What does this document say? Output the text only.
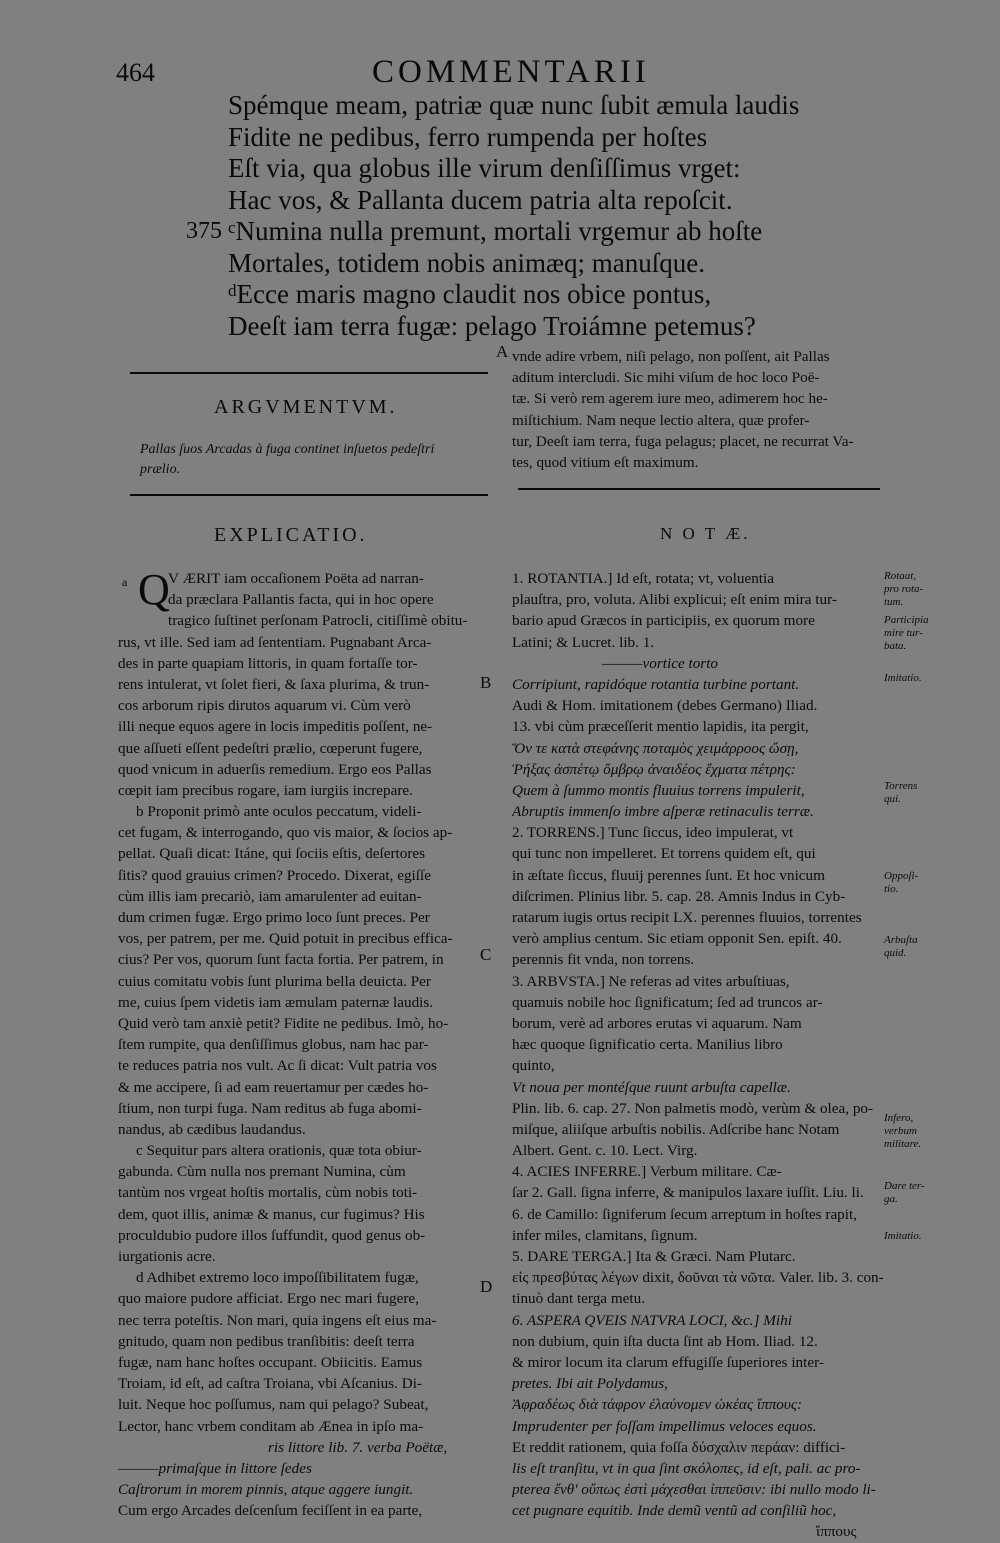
464	COMMENTARII
Spémque meam, patriæ quæ nunc ſubit æmula laudis
Fidite ne pedibus, ferro rumpenda per hoſtes
Eſt via, qua globus ille virum denſiſſimus vrget:
Hac vos, & Pallanta ducem patria alta repoſcit.
375 $^c$Numina nulla premunt, mortali vrgemur ab hoſte
Mortales, totidem nobis animæq; manuſque.
$^d$Ecce maris magno claudit nos obice pontus,
Deeſt iam terra fugæ: pelago Troiámne petemus?
ARGVMENTVM.
Pallas ſuos Arcadas à fuga continet inſuetos pedeſtri
prælio.
EXPLICATIO.
V ÆRIT iam occaſionem Poëta ad narran-
da præclara Pallantis facta, qui in hoc opere
tragico ſuſtinet perſonam Patrocli, citiſſimè obitu-
rus, vt ille. Sed iam ad ſententiam. Pugnabant Arca-
des in parte quapiam littoris, in quam fortaſſe tor-
rens intulerat, vt ſolet fieri, & ſaxa plurima, & trun-
cos arborum ripis dirutos aquarum vi. Cùm verò
illi neque equos agere in locis impeditis poſſent, ne-
que aſſueti eſſent pedeſtri prælio, cœperunt fugere,
quod vnicum in aduerſis remedium. Ergo eos Pallas
cœpit iam precibus rogare, iam iurgiis increpare.
b Proponit primò ante oculos peccatum, videli-
cet fugam, & interrogando, quo vis maior, & ſocios ap-
pellat. Quaſi dicat: Itáne, qui ſociis eſtis, deſertores
ſitis? quod grauius crimen? Procedo. Dixerat, egiſſe
cùm illis iam precariò, iam amarulenter ad euitan-
dum crimen fugæ. Ergo primo loco ſunt preces. Per
vos, per patrem, per me. Quid potuit in precibus effica-
cius? Per vos, quorum ſunt facta fortia. Per patrem, in
cuius comitatu vobis ſunt plurima bella deuicta. Per
me, cuius ſpem videtis iam æmulam paternæ laudis.
Quid verò tam anxiè petit? Fidite ne pedibus. Imò, ho-
ſtem rumpite, qua denſiſſimus globus, nam hac par-
te reduces patria nos vult. Ac ſi dicat: Vult patria vos
& me accipere, ſi ad eam reuertamur per cædes ho-
ſtium, non turpi fuga. Nam reditus ab fuga abomi-
nandus, ab cædibus laudandus.
c Sequitur pars altera orationis, quæ tota obiur-
gabunda. Cùm nulla nos premant Numina, cùm
tantùm nos vrgeat hoſtis mortalis, cùm nobis toti-
dem, quot illis, animæ & manus, cur fugimus? His
proculdubio pudore illos ſuffundit, quod genus ob-
iurgationis acre.
d Adhibet extremo loco impoſſibilitatem fugæ,
quo maiore pudore afficiat. Ergo nec mari fugere,
nec terra poteſtis. Non mari, quia ingens eſt eius ma-
gnitudo, quam non pedibus tranſibitis: deeſt terra
fugæ, nam hanc hoſtes occupant. Obiicitis. Eamus
Troiam, id eſt, ad caſtra Troiana, vbi Aſcanius. Di-
luit. Neque hoc poſſumus, nam qui pelago? Subeat,
Lector, hanc vrbem conditam ab Ænea in ipſo ma-
ris littore lib. 7. verba Poëtæ,
———primaſque in littore ſedes
Caſtrorum in morem pinnis, atque aggere iungit.
Cum ergo Arcades deſcenſum feciſſent in ea parte,
Q
a
vnde adire vrbem, niſi pelago, non poſſent, ait Pallas
aditum intercludi. Sic mihi viſum de hoc loco Poë-
tæ. Si verò rem agerem iure meo, adimerem hoc he-
miſtichium. Nam neque lectio altera, quæ profer-
tur, Deeſt iam terra, fuga pelagus; placet, ne recurrat Va-
tes, quod vitium eſt maximum.
N O T Æ.
1. ROTANTIA.] Id eſt, rotata; vt, voluentia
plauſtra, pro, voluta. Alibi explicui; eſt enim mira tur-
bario apud Græcos in participiis, ex quorum more
Latini; & Lucret. lib. 1.
———vortice torto
Corripiunt, rapidóque rotantia turbine portant.
Audi & Hom. imitationem (debes Germano) Iliad.
13. vbi cùm præceſſerit mentio lapidis, ita pergit,
Ὅν τε κατὰ στεφάνης ποταμὸς χειμάρροος ὤσῃ,
Ῥήξας ἀσπέτῳ ὄμβρῳ ἀναιδέος ἔχματα πέτρης:
Quem à ſummo montis fluuius torrens impulerit,
Abruptis immenſo imbre aſperæ retinaculis terræ.
2. TORRENS.] Tunc ſiccus, ideo impulerat, vt
qui tunc non impelleret. Et torrens quidem eſt, qui
in æſtate ſiccus, fluuij perennes ſunt. Et hoc vnicum
diſcrimen. Plinius libr. 5. cap. 28. Amnis Indus in Cyb-
ratarum iugis ortus recipit LX. perennes fluuios, torrentes
verò amplius centum. Sic etiam opponit Sen. epiſt. 40.
perennis fit vnda, non torrens.
3. ARBVSTA.] Ne referas ad vites arbuſtiuas,
quamuis nobile hoc ſignificatum; ſed ad truncos ar-
borum, verè ad arbores erutas vi aquarum. Nam
hæc quoque ſignificatio certa. Manilius libro
quinto,
Vt noua per montéſque ruunt arbuſta capellæ.
Plin. lib. 6. cap. 27. Non palmetis modò, verùm & olea, po-
miſque, aliiſque arbuſtis nobilis. Adſcribe hanc Notam
Albert. Gent. c. 10. Lect. Virg.
4. ACIES INFERRE.] Verbum militare. Cæ-
ſar 2. Gall. ſigna inferre, & manipulos laxare iuſſit. Liu. li.
6. de Camillo: ſigniferum ſecum arreptum in hoſtes rapit,
infer miles, clamitans, ſignum.
5. DARE TERGA.] Ita & Græci. Nam Plutarc.
εἰς πρεσβύτας λέγων dixit, δοῦναι τὰ νῶτα. Valer. lib. 3. con-
tinuò dant terga metu.
6. ASPERA QVEIS NATVRA LOCI, &c.] Mihi
non dubium, quin iſta ducta ſint ab Hom. Iliad. 12.
& miror locum ita clarum effugiſſe ſuperiores inter-
pretes. Ibi ait Polydamus,
Ἀφραδέως διὰ τάφρον ἐλαύνομεν ὠκέας ἵππους:
Imprudenter per foſſam impellimus veloces equos.
Et reddit rationem, quia foſſa δύσχαλιν περάαν: diffici-
lis eſt tranſitu, vt in qua ſint σκόλοπες, id eſt, pali. ac pro-
pterea ἔνθ' οὔπως ἐστὶ μάχεσθαι ἱππεῦσιν: ibi nullo modo li-
cet pugnare equitib. Inde demũ ventũ ad conſiliũ hoc,
ἵππους
Rotaat, pro rota-tum.
Participia mire tur-bata.
Imitatio.
Torrens qui.
Oppoſi-tio.
Arbuſta quid.
Infero, verbum militare.
Dare ter-ga.
Imitatio.
B
C
D
A
